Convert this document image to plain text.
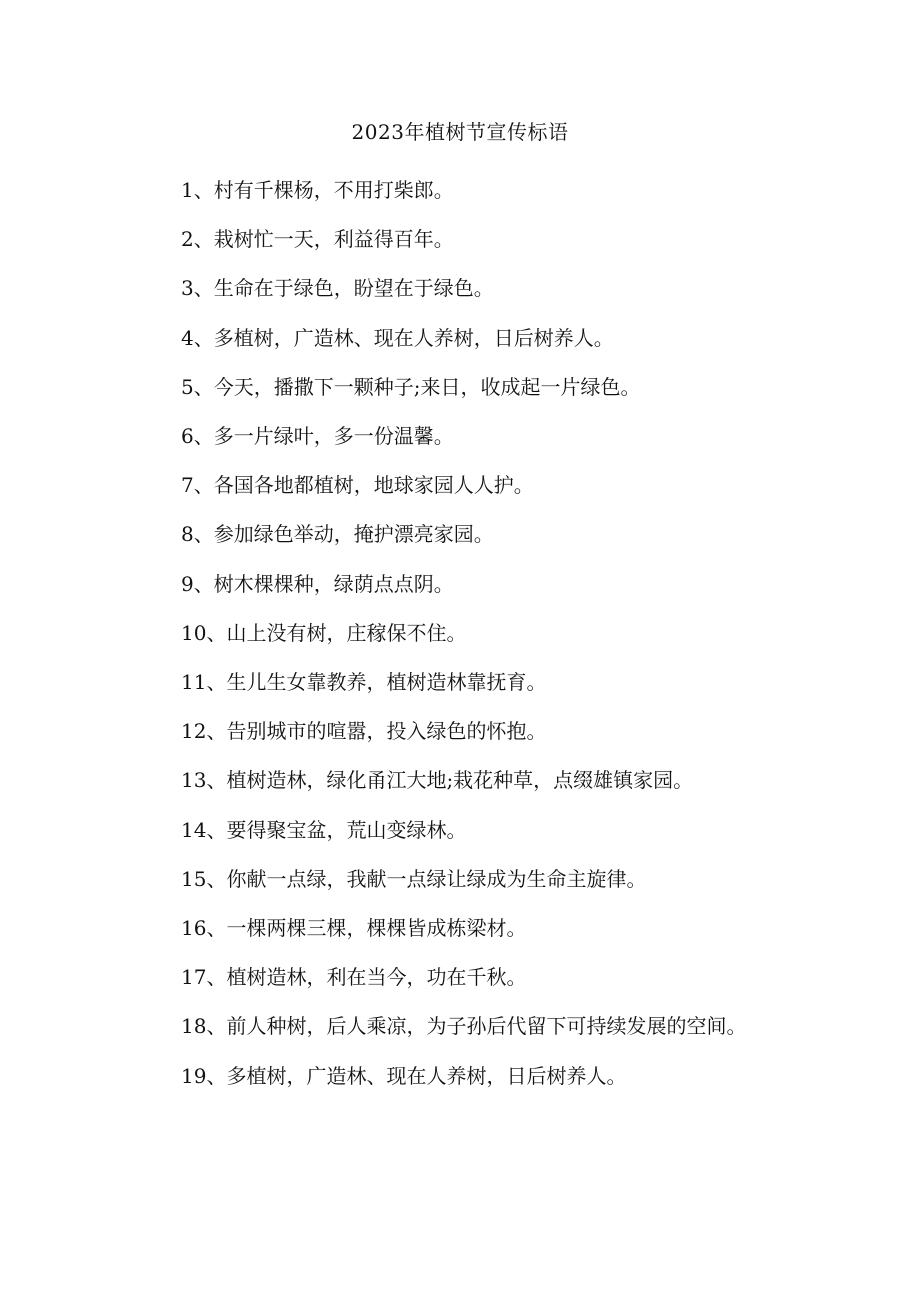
2023年植树节宣传标语
1、村有千棵杨，不用打柴郎。
2、栽树忙一天，利益得百年。
3、生命在于绿色，盼望在于绿色。
4、多植树，广造林、现在人养树，日后树养人。
5、今天，播撒下一颗种子;来日，收成起一片绿色。
6、多一片绿叶，多一份温馨。
7、各国各地都植树，地球家园人人护。
8、参加绿色举动，掩护漂亮家园。
9、树木棵棵种，绿荫点点阴。
10、山上没有树，庄稼保不住。
11、生儿生女靠教养，植树造林靠抚育。
12、告别城市的喧嚣，投入绿色的怀抱。
13、植树造林，绿化甬江大地;栽花种草，点缀雄镇家园。
14、要得聚宝盆，荒山变绿林。
15、你献一点绿，我献一点绿让绿成为生命主旋律。
16、一棵两棵三棵，棵棵皆成栋梁材。
17、植树造林，利在当今，功在千秋。
18、前人种树，后人乘凉，为子孙后代留下可持续发展的空间。
19、多植树，广造林、现在人养树，日后树养人。
